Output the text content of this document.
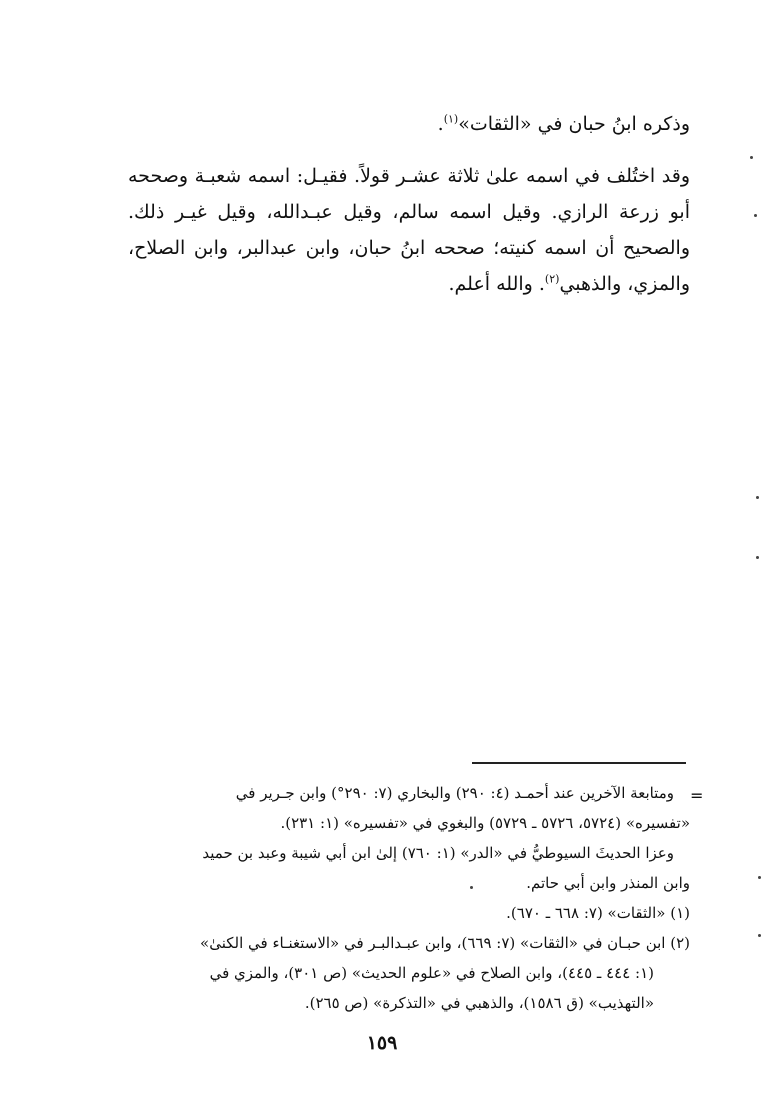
وذكره ابنُ حبان في «الثقات»$^{(١)}$.

وقد اختُلف في اسمه علىٰ ثلاثة عشـر قولاً. فقيـل: اسمه شعبـة وصححه أبو زرعة الرازي. وقيل اسمه سالم، وقيل عبـدالله، وقيل غيـر ذلك. والصحيح أن اسمه كنيته؛ صححه ابنُ حبان، وابن عبدالبر، وابن الصلاح، والمزي، والذهبي$^{(٢)}$. والله أعلم.

=

ومتابعة الآخرين عند أحمـد (٤: ٢٩٠) والبخاري (٧: ٢٩٠°) وابن جـرير في

«تفسيره» (٥٧٢٤، ٥٧٢٦ ـ ٥٧٢٩) والبغوي في «تفسيره» (١: ٢٣١).

وعزا الحديثَ السيوطيُّ في «الدر» (١: ٧٦٠) إلىٰ ابن أبي شيبة وعبد بن حميد

وابن المنذر وابن أبي حاتم.

(١) «الثقات» (٧: ٦٦٨ ـ ٦٧٠).

(٢) ابن حبـان في «الثقات» (٧: ٦٦٩)، وابن عبـدالبـر في «الاستغنـاء في الكنىٰ»

(١: ٤٤٤ ـ ٤٤٥)، وابن الصلاح في «علوم الحديث» (ص ٣٠١)، والمزي في

«التهذيب» (ق ١٥٨٦)، والذهبي في «التذكرة» (ص ٢٦٥).

١٥٩
